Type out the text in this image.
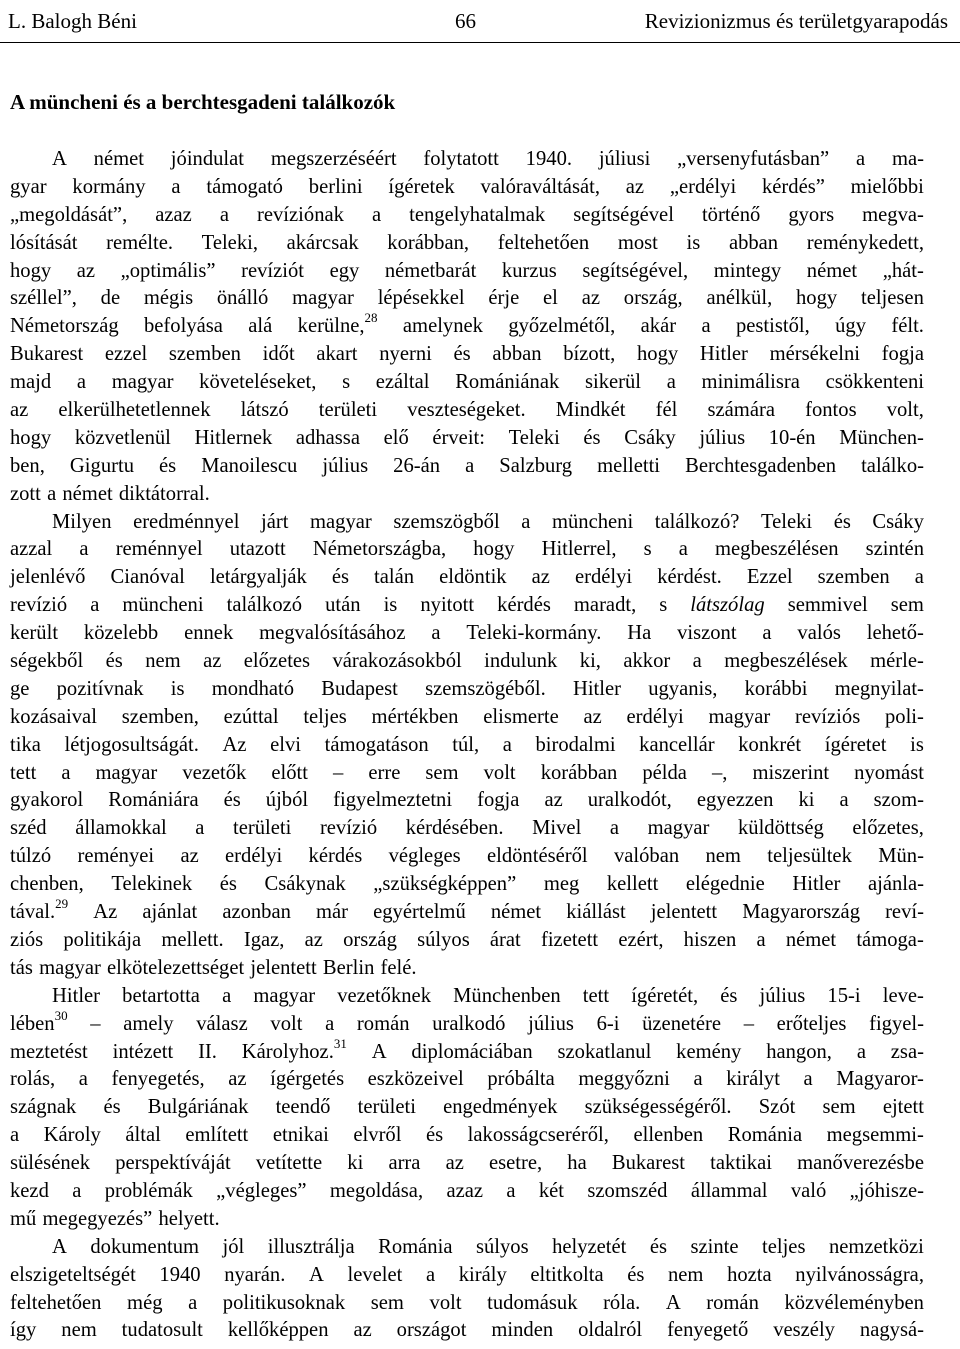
L. Balogh Béni	66	Revizionizmus és területgyarapodás
A müncheni és a berchtesgadeni találkozók
A német jóindulat megszerzéséért folytatott 1940. júliusi „versenyfutásban” a ma-
gyar kormány a támogató berlini ígéretek valóraváltását, az „erdélyi kérdés” mielőbbi
„megoldását”, azaz a revíziónak a tengelyhatalmak segítségével történő gyors megva-
lósítását remélte. Teleki, akárcsak korábban, feltehetően most is abban reménykedett,
hogy az „optimális” revíziót egy németbarát kurzus segítségével, mintegy német „hát-
széllel”, de mégis önálló magyar lépésekkel érje el az ország, anélkül, hogy teljesen
Németország befolyása alá kerülne,$^{28}$ amelynek győzelmétől, akár a pestistől, úgy félt.
Bukarest ezzel szemben időt akart nyerni és abban bízott, hogy Hitler mérsékelni fogja
majd a magyar követeléseket, s ezáltal Romániának sikerül a minimálisra csökkenteni
az elkerülhetetlennek látszó területi veszteségeket. Mindkét fél számára fontos volt,
hogy közvetlenül Hitlernek adhassa elő érveit: Teleki és Csáky július 10-én München-
ben, Gigurtu és Manoilescu július 26-án a Salzburg melletti Berchtesgadenben találko-
zott a német diktátorral.
Milyen eredménnyel járt magyar szemszögből a müncheni találkozó? Teleki és Csáky
azzal a reménnyel utazott Németországba, hogy Hitlerrel, s a megbeszélésen szintén
jelenlévő Cianóval letárgyalják és talán eldöntik az erdélyi kérdést. Ezzel szemben a
revízió a müncheni találkozó után is nyitott kérdés maradt, s látszólag semmivel sem
került közelebb ennek megvalósításához a Teleki-kormány. Ha viszont a valós lehető-
ségekből és nem az előzetes várakozásokból indulunk ki, akkor a megbeszélések mérle-
ge pozitívnak is mondható Budapest szemszögéből. Hitler ugyanis, korábbi megnyilat-
kozásaival szemben, ezúttal teljes mértékben elismerte az erdélyi magyar revíziós poli-
tika létjogosultságát. Az elvi támogatáson túl, a birodalmi kancellár konkrét ígéretet is
tett a magyar vezetők előtt – erre sem volt korábban példa –, miszerint nyomást
gyakorol Romániára és újból figyelmeztetni fogja az uralkodót, egyezzen ki a szom-
széd államokkal a területi revízió kérdésében. Mivel a magyar küldöttség előzetes,
túlzó reményei az erdélyi kérdés végleges eldöntéséről valóban nem teljesültek Mün-
chenben, Telekinek és Csákynak „szükségképpen” meg kellett elégednie Hitler ajánla-
tával.$^{29}$ Az ajánlat azonban már egyértelmű német kiállást jelentett Magyarország reví-
ziós politikája mellett. Igaz, az ország súlyos árat fizetett ezért, hiszen a német támoga-
tás magyar elkötelezettséget jelentett Berlin felé.
Hitler betartotta a magyar vezetőknek Münchenben tett ígéretét, és július 15-i leve-
lében$^{30}$ – amely válasz volt a román uralkodó július 6-i üzenetére – erőteljes figyel-
meztetést intézett II. Károlyhoz.$^{31}$ A diplomáciában szokatlanul kemény hangon, a zsa-
rolás, a fenyegetés, az ígérgetés eszközeivel próbálta meggyőzni a királyt a Magyaror-
szágnak és Bulgáriának teendő területi engedmények szükségességéről. Szót sem ejtett
a Károly által említett etnikai elvről és lakosságcseréről, ellenben Románia megsemmi-
sülésének perspektíváját vetítette ki arra az esetre, ha Bukarest taktikai manőverezésbe
kezd a problémák „végleges” megoldása, azaz a két szomszéd állammal való „jóhisze-
mű megegyezés” helyett.
A dokumentum jól illusztrálja Románia súlyos helyzetét és szinte teljes nemzetközi
elszigeteltségét 1940 nyarán. A levelet a király eltitkolta és nem hozta nyilvánosságra,
feltehetően még a politikusoknak sem volt tudomásuk róla. A román közvéleményben
így nem tudatosult kellőképpen az országot minden oldalról fenyegető veszély nagysá-
